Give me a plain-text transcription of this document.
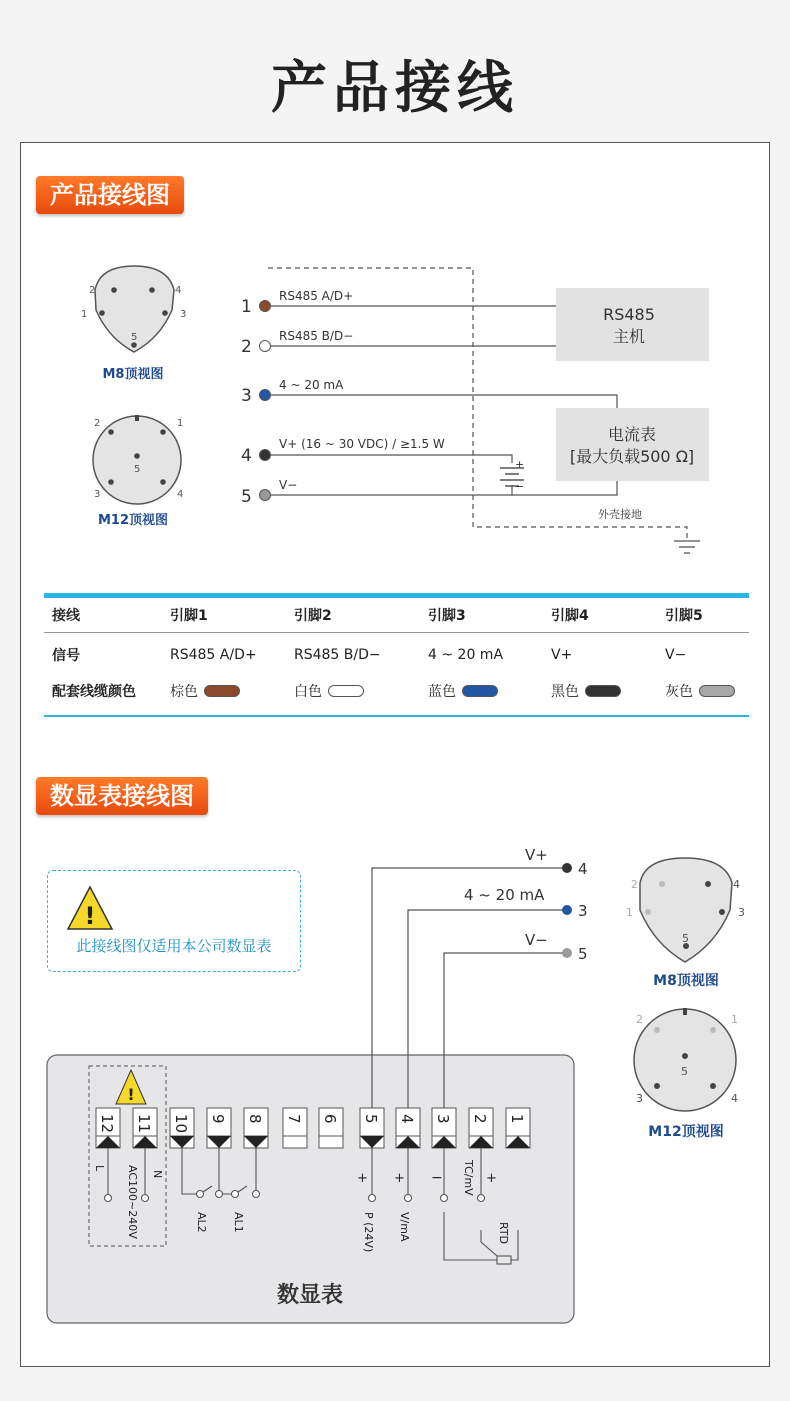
产品接线
产品接线图
2	4
1	3
5
M8顶视图
2	1
5
3	4
M12顶视图
1
RS485 A/D+
2
RS485 B/D−
3
4 ~ 20 mA
4
V+ (16 ~ 30 VDC) / ≥1.5 W
5
V−
+
−
RS485
主机
电流表
[最大负载500 Ω]
外壳接地
接线	引脚1	引脚2	引脚3	引脚4	引脚5
信号	RS485 A/D+	RS485 B/D−	4 ~ 20 mA	V+	V−
配套线缆颜色	棕色	白色	蓝色	黑色	灰色
数显表接线图
!
此接线图仅适用本公司数显表
!
12 11 10 9 8 7 6 5 4 3 2 1
V+
4
4 ~ 20 mA
3
V−
5
L
N
AC100~240V	AL2 AL1	P (24V) V/mA
TC/mV
RTD
+ + −	+
数显表
2	4
1	3
5
M8顶视图
2	1
5
3	4
M12顶视图
